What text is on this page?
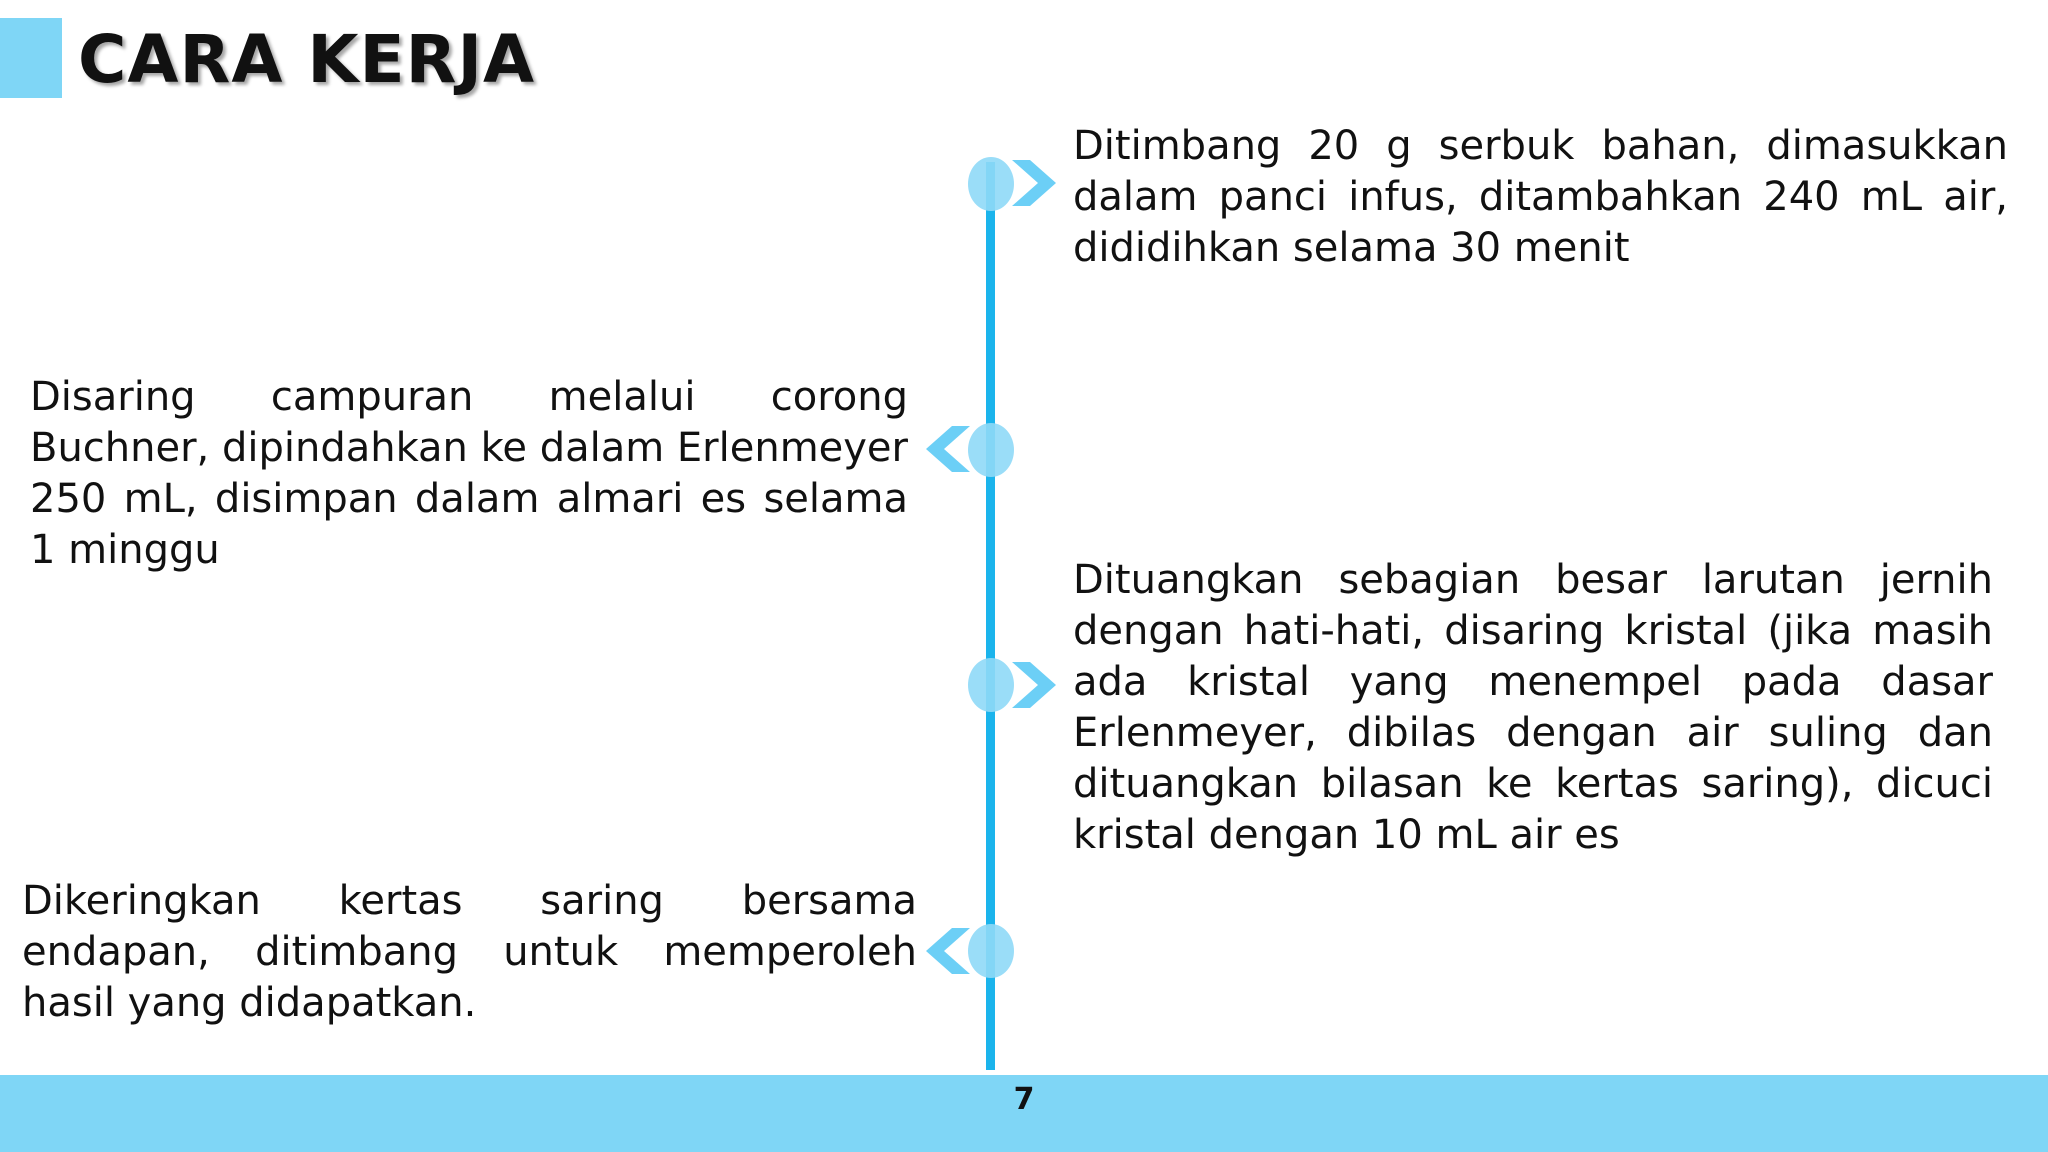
CARA KERJA
Ditimbang 20 g serbuk bahan, dimasukkan dalam panci infus, ditambahkan 240 mL air, dididihkan selama 30 menit
Disaring campuran melalui corong Buchner, dipindahkan ke dalam Erlenmeyer 250 mL, disimpan dalam almari es selama 1 minggu
Dituangkan sebagian besar larutan jernih dengan hati-hati, disaring kristal (jika masih ada kristal yang menempel pada dasar Erlenmeyer, dibilas dengan air suling dan dituangkan bilasan ke kertas saring), dicuci kristal dengan 10 mL air es
Dikeringkan kertas saring bersama endapan, ditimbang untuk memperoleh hasil yang didapatkan.
7
